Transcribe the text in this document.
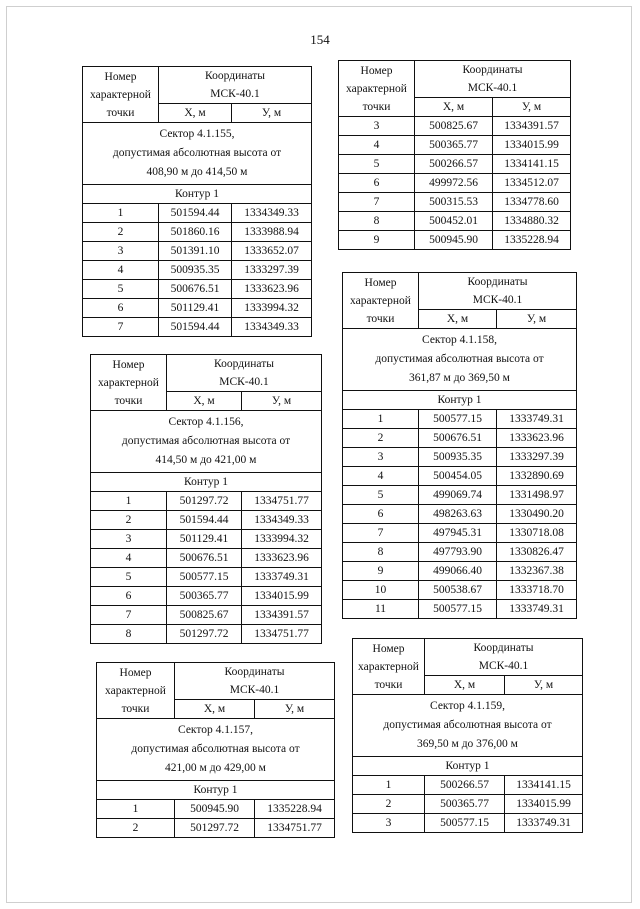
154
Номер
характерной
точки	Координаты
МСК-40.1	

	X, м	У, м

Сектор 4.1.155,
допустимая абсолютная высота от
408,90 м до 414,50 м		

Контур 1		
1	501594.44	1334349.33
2	501860.16	1333988.94
3	501391.10	1333652.07
4	500935.35	1333297.39
5	500676.51	1333623.96
6	501129.41	1333994.32
7	501594.44	1334349.33
Номер
характерной
точки	Координаты
МСК-40.1	

	X, м	У, м
3	500825.67	1334391.57
4	500365.77	1334015.99
5	500266.57	1334141.15
6	499972.56	1334512.07
7	500315.53	1334778.60
8	500452.01	1334880.32
9	500945.90	1335228.94
Номер
характерной
точки	Координаты
МСК-40.1	

	X, м	У, м

Сектор 4.1.156,
допустимая абсолютная высота от
414,50 м до 421,00 м		

Контур 1		
1	501297.72	1334751.77
2	501594.44	1334349.33
3	501129.41	1333994.32
4	500676.51	1333623.96
5	500577.15	1333749.31
6	500365.77	1334015.99
7	500825.67	1334391.57
8	501297.72	1334751.77
Номер
характерной
точки	Координаты
МСК-40.1	

	X, м	У, м

Сектор 4.1.158,
допустимая абсолютная высота от
361,87 м до 369,50 м		

Контур 1		
1	500577.15	1333749.31
2	500676.51	1333623.96
3	500935.35	1333297.39
4	500454.05	1332890.69
5	499069.74	1331498.97
6	498263.63	1330490.20
7	497945.31	1330718.08
8	497793.90	1330826.47
9	499066.40	1332367.38
10	500538.67	1333718.70
11	500577.15	1333749.31
Номер
характерной
точки	Координаты
МСК-40.1	

	X, м	У, м

Сектор 4.1.157,
допустимая абсолютная высота от
421,00 м до 429,00 м		

Контур 1		
1	500945.90	1335228.94
2	501297.72	1334751.77
Номер
характерной
точки	Координаты
МСК-40.1	

	X, м	У, м

Сектор 4.1.159,
допустимая абсолютная высота от
369,50 м до 376,00 м		

Контур 1		
1	500266.57	1334141.15
2	500365.77	1334015.99
3	500577.15	1333749.31
